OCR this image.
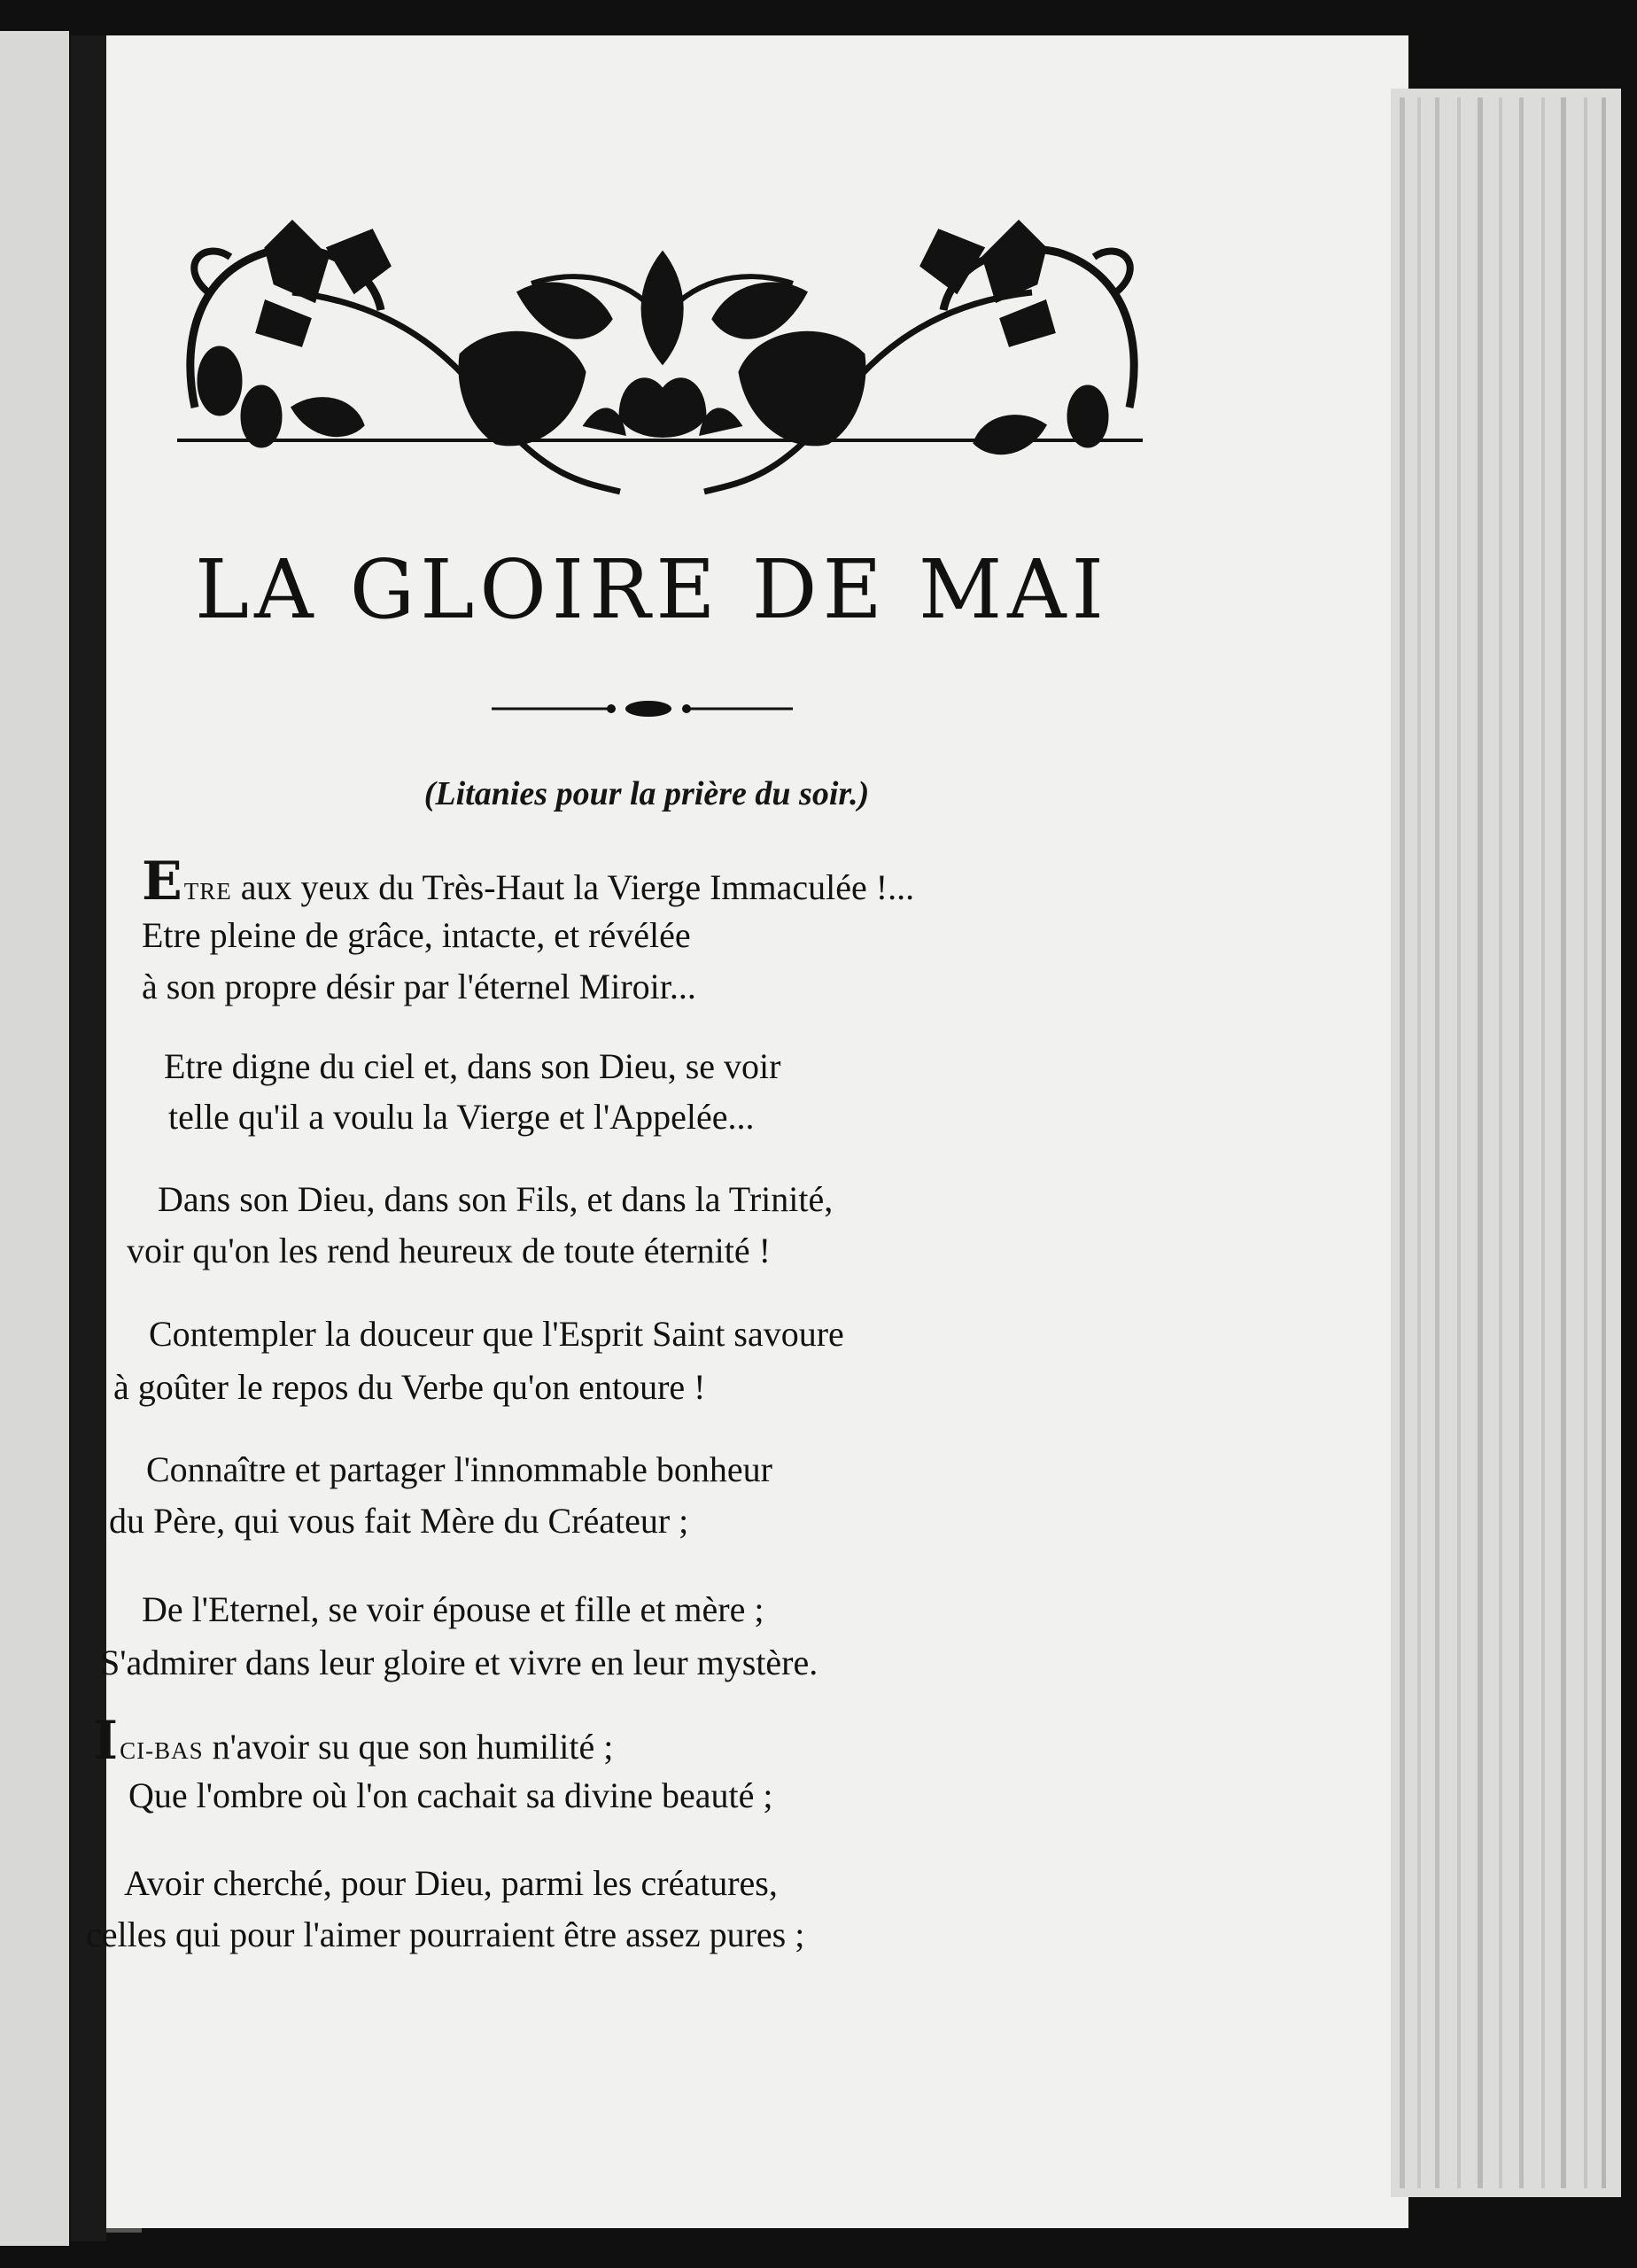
LA GLOIRE DE MAI
(Litanies pour la prière du soir.)
ETRE aux yeux du Très-Haut la Vierge Immaculée !...
Etre pleine de grâce, intacte, et révélée
à son propre désir par l'éternel Miroir...
Etre digne du ciel et, dans son Dieu, se voir
telle qu'il a voulu la Vierge et l'Appelée...
Dans son Dieu, dans son Fils, et dans la Trinité,
voir qu'on les rend heureux de toute éternité !
Contempler la douceur que l'Esprit Saint savoure
à goûter le repos du Verbe qu'on entoure !
Connaître et partager l'innommable bonheur
du Père, qui vous fait Mère du Créateur ;
De l'Eternel, se voir épouse et fille et mère ;
S'admirer dans leur gloire et vivre en leur mystère.
ICI-BAS n'avoir su que son humilité ;
Que l'ombre où l'on cachait sa divine beauté ;
Avoir cherché, pour Dieu, parmi les créatures,
celles qui pour l'aimer pourraient être assez pures ;
